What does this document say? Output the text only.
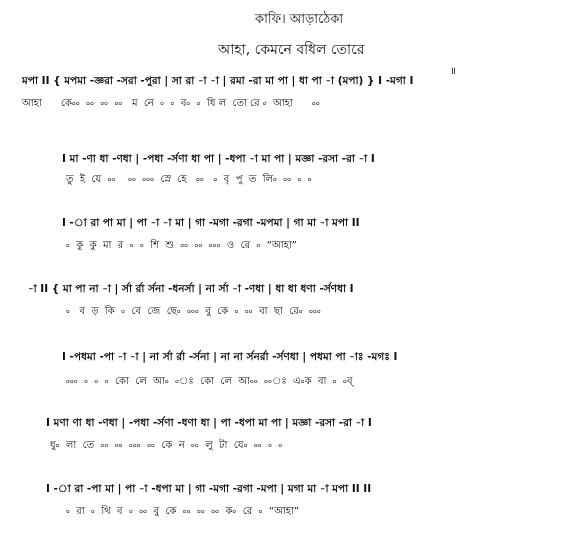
কাফি। আড়াঠেকা
আহা, কেমনে বধিল তোরে
॥
মপা II { মপমা -জ্ঞরা -সরা -পুরা | সা রা -া -া | রমা -রা মা পা | ধা পা -া (মপা) } I -মগা I
আহা      কে৹৹  ৹৹  ৹৹  ৹৹   ম  নে  ৹  ৹  ব৹  ৹  ধি ল  তো রে ৹  আহা      ৹৹
I মা -ণা ধা -ণধা | -পধা -র্সণা ধা পা | -ধপা -া মা পা | মজ্ঞা -রসা -রা -া I
তু  ই  যে  ৹৹    ৹৹  ৹৹৹  স্নে  হে   ৹৹   ৹  বৃ  পু  ত  লি৹  ৹৹  ৹  ৹
I -া রা পা মা | পা -া -া মা | গা -মগা -রগা -মপমা | গা মা -া মপা II
৹  কু  কু  মা  র  ৹  ৹  শি  শু  ৹৹  ৹৹  ৹৹৹  ও  রে  ৹  “আহা”
-া II { মা পা না -া | র্সা র্রা র্সনা -ধনর্সা | না র্সা -া -ণধা | ধা ধা ধণা -র্সণধা I
৹   ব  ড়  কি  ৹  বে  জে  ছে৹  ৹৹৹  বু  কে  ৹  ৹৹  বা  ছা  রে৹  ৹৹৹
I -পধমা -পা -া -া | না র্সা র্রা -র্সনা | না না র্সনর্রা -র্সণধা | পধমা পা -াঃ -মগঃ I
৹৹৹  ৹  ৹  ৹  কো  লে  আ৹  ৹ঃ  কো  লে  আ৹৹  ৹৹ঃ  এ৹ক  বা  ৹  ৹ব্
I মণা ণা ধা -ণধা | -পধা -র্সণা -ধণা ধা | পা -ধপা মা পা | মজ্ঞা -রসা -রা -া I
ধু৹  লা  তে  ৹৹  ৹৹  ৹৹৹  ৹৹  কে  ন  ৹৹  লু  টা  যে৹  ৹৹  ৹  ৹
I -া রা -পা মা | পা -া -ধপা মা | গা -মগা -রগা -মপা | মগা মা -া মপা II II
৹  রা  ৹  থি  ব  ৹  ৹৹  বু  কে  ৹৹  ৹৹  ৹৹  ক৹  রে  ৹  “আহা”
